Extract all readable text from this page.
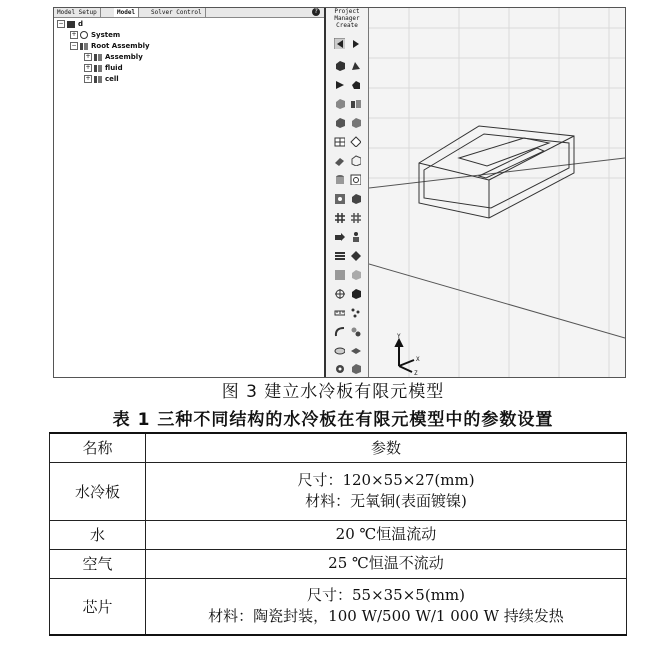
Model Setup	Model	Solver Control	?
− d
+ System
− Root Assembly
+ Assembly
+ fluid
+ cell
Project
Manager
Create
Y
X
Z
图 3 建立水冷板有限元模型
表 1 三种不同结构的水冷板在有限元模型中的参数设置
名称	参数
水冷板	尺寸：120×55×27(mm)
材料：无氧铜(表面镀镍)

水	20 ℃恒温流动

空气	25 ℃恒温不流动

芯片	尺寸：55×35×5(mm)
材料：陶瓷封装，100 W/500 W/1 000 W 持续发热
